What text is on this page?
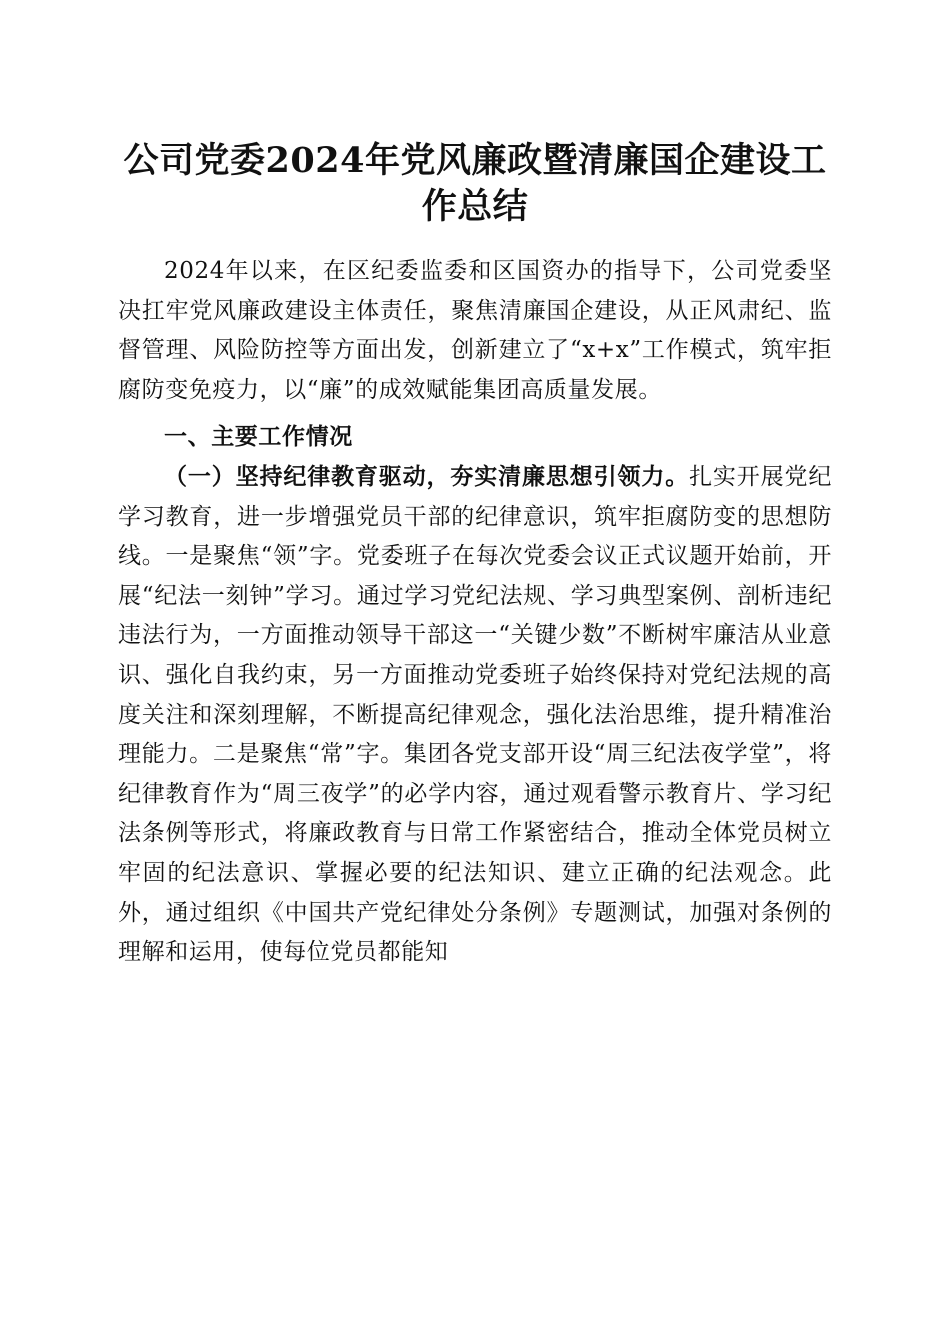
公司党委2024年党风廉政暨清廉国企建设工作总结

2024年以来，在区纪委监委和区国资办的指导下，公司党委坚决扛牢党风廉政建设主体责任，聚焦清廉国企建设，从正风肃纪、监督管理、风险防控等方面出发，创新建立了“x+x”工作模式，筑牢拒腐防变免疫力，以“廉”的成效赋能集团高质量发展。

一、主要工作情况

（一）坚持纪律教育驱动，夯实清廉思想引领力。扎实开展党纪学习教育，进一步增强党员干部的纪律意识，筑牢拒腐防变的思想防线。一是聚焦“领”字。党委班子在每次党委会议正式议题开始前，开展“纪法一刻钟”学习。通过学习党纪法规、学习典型案例、剖析违纪违法行为，一方面推动领导干部这一“关键少数”不断树牢廉洁从业意识、强化自我约束，另一方面推动党委班子始终保持对党纪法规的高度关注和深刻理解，不断提高纪律观念，强化法治思维，提升精准治理能力。二是聚焦“常”字。集团各党支部开设“周三纪法夜学堂”，将纪律教育作为“周三夜学”的必学内容，通过观看警示教育片、学习纪法条例等形式，将廉政教育与日常工作紧密结合，推动全体党员树立牢固的纪法意识、掌握必要的纪法知识、建立正确的纪法观念。此外，通过组织《中国共产党纪律处分条例》专题测试，加强对条例的理解和运用，使每位党员都能知
